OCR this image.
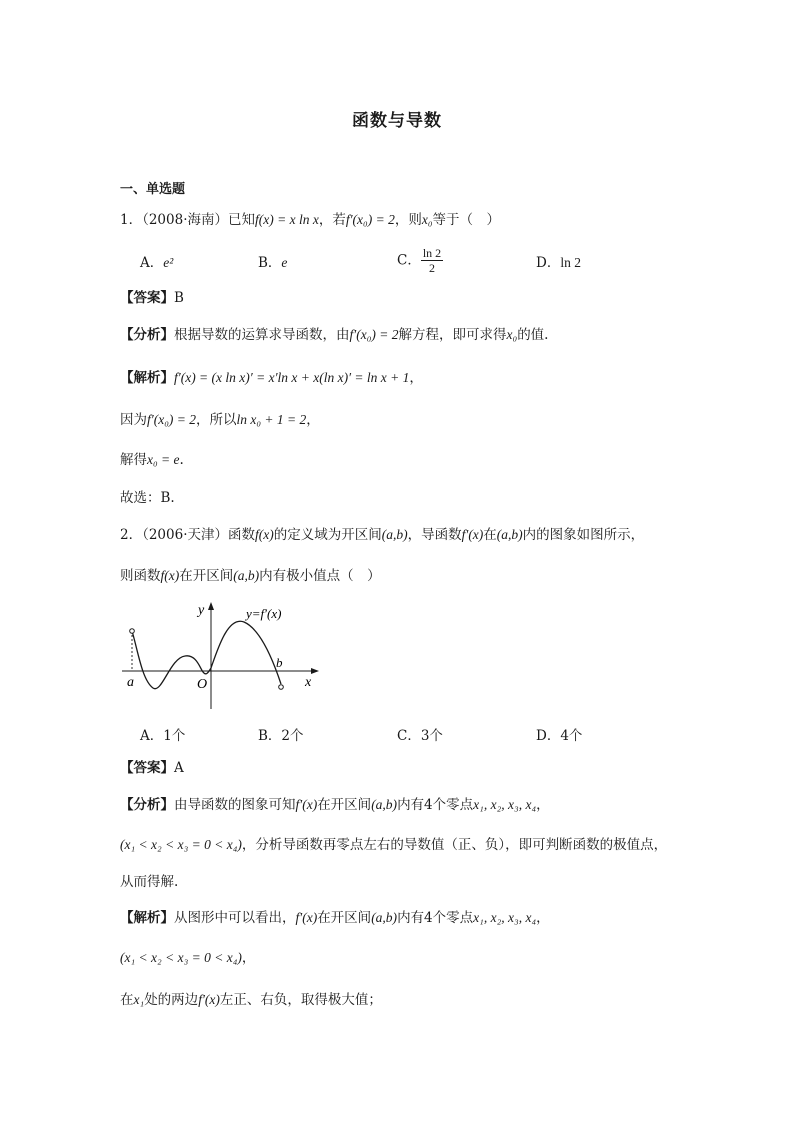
函数与导数
一、单选题
1．（2008·海南）已知f(x) = x ln x，若f′(x₀) = 2，则x₀等于（　）
A．e²	B．e	C． $\frac{\ln 2}{2}$	D．ln 2
【答案】B
【分析】根据导数的运算求导函数，由f′(x₀) = 2解方程，即可求得x₀的值.
【解析】f′(x) = (x ln x)′ = x′ln x + x(ln x)′ = ln x + 1，
因为f′(x₀) = 2，所以ln x₀ + 1 = 2，
解得x₀ = e.
故选：B.
2．（2006·天津）函数f(x)的定义域为开区间(a,b)，导函数f′(x)在(a,b)内的图象如图所示，
则函数f(x)在开区间(a,b)内有极小值点（　）
y	y=f′(x)
b
a	O	x
A．1个	B．2个	C．3个	D．4个
【答案】A
【分析】由导函数的图象可知f′(x)在开区间(a,b)内有4个零点x₁, x₂, x₃, x₄，
(x₁ < x₂ < x₃ = 0 < x₄)，分析导函数再零点左右的导数值（正、负），即可判断函数的极值点，
从而得解.
【解析】从图形中可以看出，f′(x)在开区间(a,b)内有4个零点x₁, x₂, x₃, x₄，
(x₁ < x₂ < x₃ = 0 < x₄)，
在x₁处的两边f′(x)左正、右负，取得极大值；
